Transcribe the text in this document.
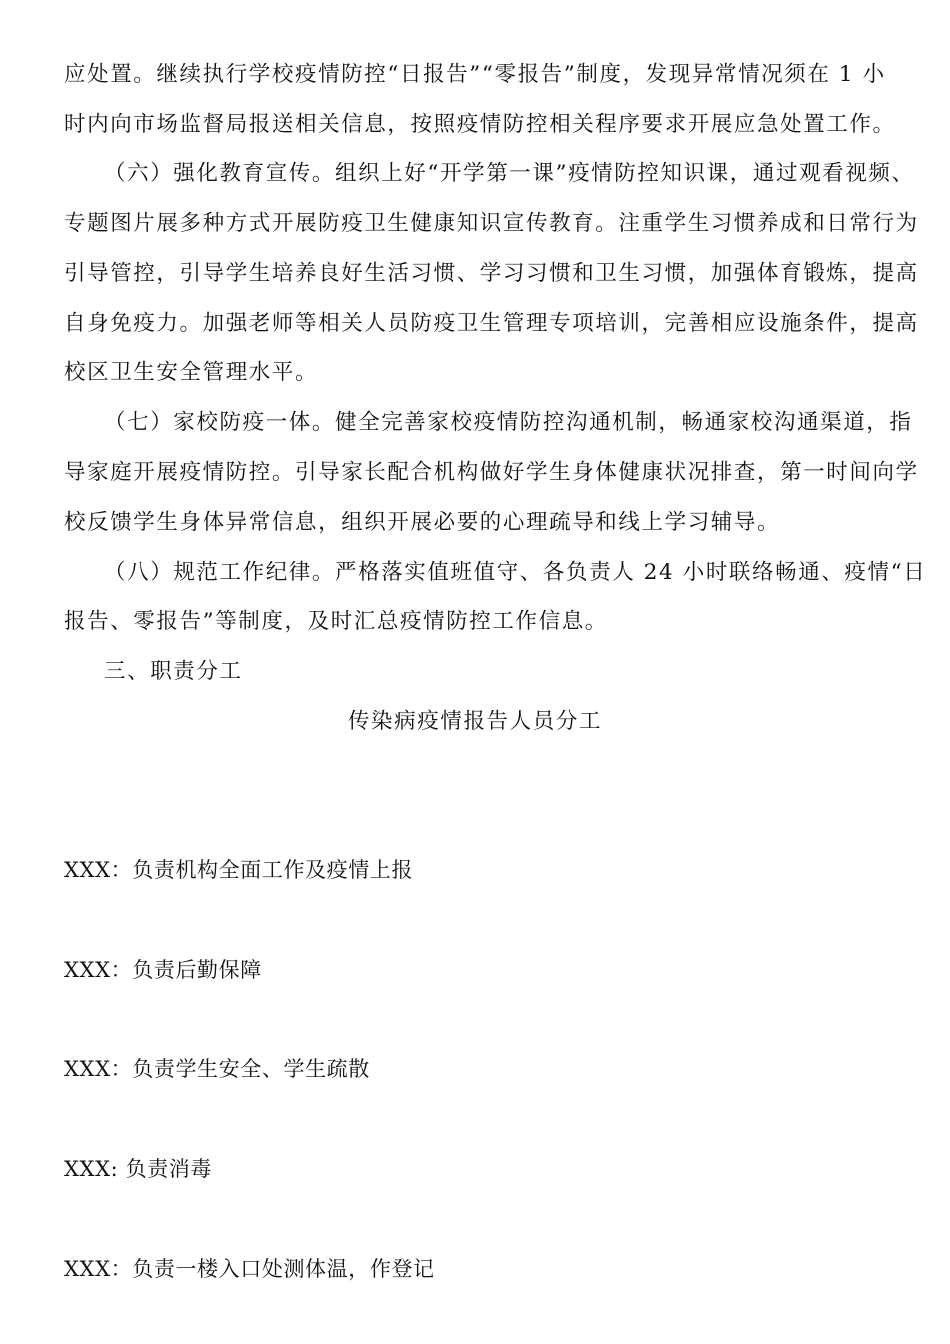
应处置。继续执行学校疫情防控“日报告”“零报告”制度，发现异常情况须在 1 小
时内向市场监督局报送相关信息，按照疫情防控相关程序要求开展应急处置工作。
（六）强化教育宣传。组织上好“开学第一课”疫情防控知识课，通过观看视频、
专题图片展多种方式开展防疫卫生健康知识宣传教育。注重学生习惯养成和日常行为
引导管控，引导学生培养良好生活习惯、学习习惯和卫生习惯，加强体育锻炼，提高
自身免疫力。加强老师等相关人员防疫卫生管理专项培训，完善相应设施条件，提高
校区卫生安全管理水平。
（七）家校防疫一体。健全完善家校疫情防控沟通机制，畅通家校沟通渠道，指
导家庭开展疫情防控。引导家长配合机构做好学生身体健康状况排查，第一时间向学
校反馈学生身体异常信息，组织开展必要的心理疏导和线上学习辅导。
（八）规范工作纪律。严格落实值班值守、各负责人 24 小时联络畅通、疫情“日
报告、零报告”等制度，及时汇总疫情防控工作信息。
三、职责分工
传染病疫情报告人员分工
XXX：负责机构全面工作及疫情上报
XXX：负责后勤保障
XXX：负责学生安全、学生疏散
XXX: 负责消毒
XXX：负责一楼入口处测体温，作登记
